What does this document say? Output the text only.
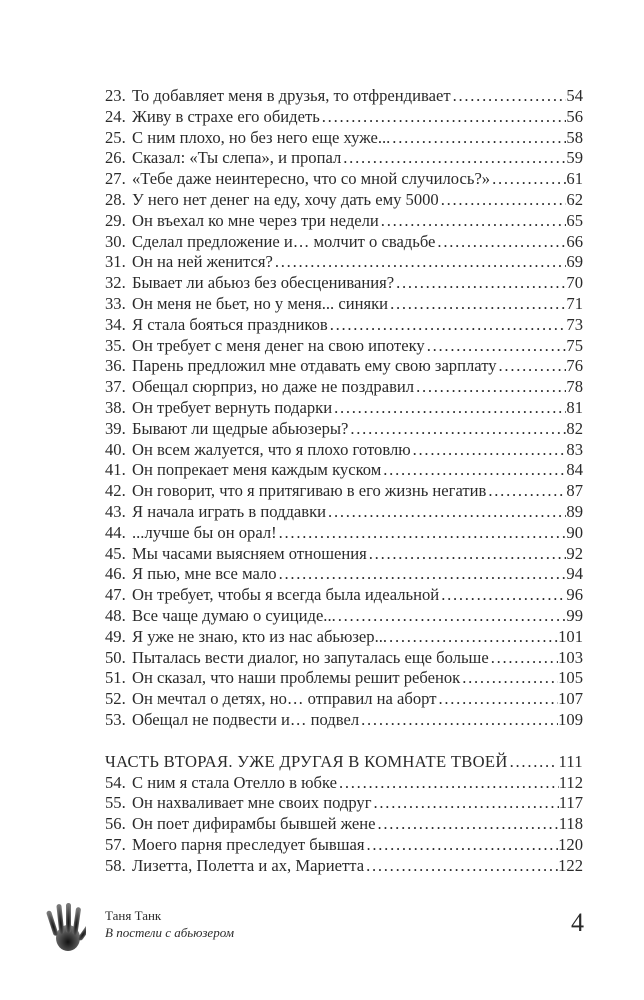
23. То добавляет меня в друзья, то отфрендивает . . .	54
24. Живу в страхе его обидеть . . .	56
25. С ним плохо, но без него еще хуже... . . .	58
26. Сказал: «Ты слепа», и пропал . . .	59
27. «Тебе даже неинтересно, что со мной случилось?» . . .	61
28. У него нет денег на еду, хочу дать ему 5000 . . .	62
29. Он въехал ко мне через три недели . . .	65
30. Сделал предложение и… молчит о свадьбе . . .	66
31. Он на ней женится? . . .	69
32. Бывает ли абьюз без обесценивания? . . .	70
33. Он меня не бьет, но у меня... синяки . . .	71
34. Я стала бояться праздников . . .	73
35. Он требует с меня денег на свою ипотеку . . .	75
36. Парень предложил мне отдавать ему свою зарплату . . .	76
37. Обещал сюрприз, но даже не поздравил . . .	78
38. Он требует вернуть подарки . . .	81
39. Бывают ли щедрые абьюзеры? . . .	82
40. Он всем жалуется, что я плохо готовлю . . .	83
41. Он попрекает меня каждым куском . . .	84
42. Он говорит, что я притягиваю в его жизнь негатив . . .	87
43. Я начала играть в поддавки . . .	89
44. ...лучше бы он орал! . . .	90
45. Мы часами выясняем отношения . . .	92
46. Я пью, мне все мало . . .	94
47. Он требует, чтобы я всегда была идеальной . . .	96
48. Все чаще думаю о суициде... . . .	99
49. Я уже не знаю, кто из нас абьюзер... . . .	101
50. Пыталась вести диалог, но запуталась еще больше . . .	103
51. Он сказал, что наши проблемы решит ребенок . . .	105
52. Он мечтал о детях, но… отправил на аборт . . .	107
53. Обещал не подвести и… подвел . . .	109
ЧАСТЬ ВТОРАЯ. УЖЕ ДРУГАЯ В КОМНАТЕ ТВОЕЙ . . .	111
54. С ним я стала Отелло в юбке . . .	112
55. Он нахваливает мне своих подруг . . .	117
56. Он поет дифирамбы бывшей жене . . .	118
57. Моего парня преследует бывшая . . .	120
58. Лизетта, Полетта и ах, Мариетта . . .	122
Таня Танк
В постели с абьюзером	4
